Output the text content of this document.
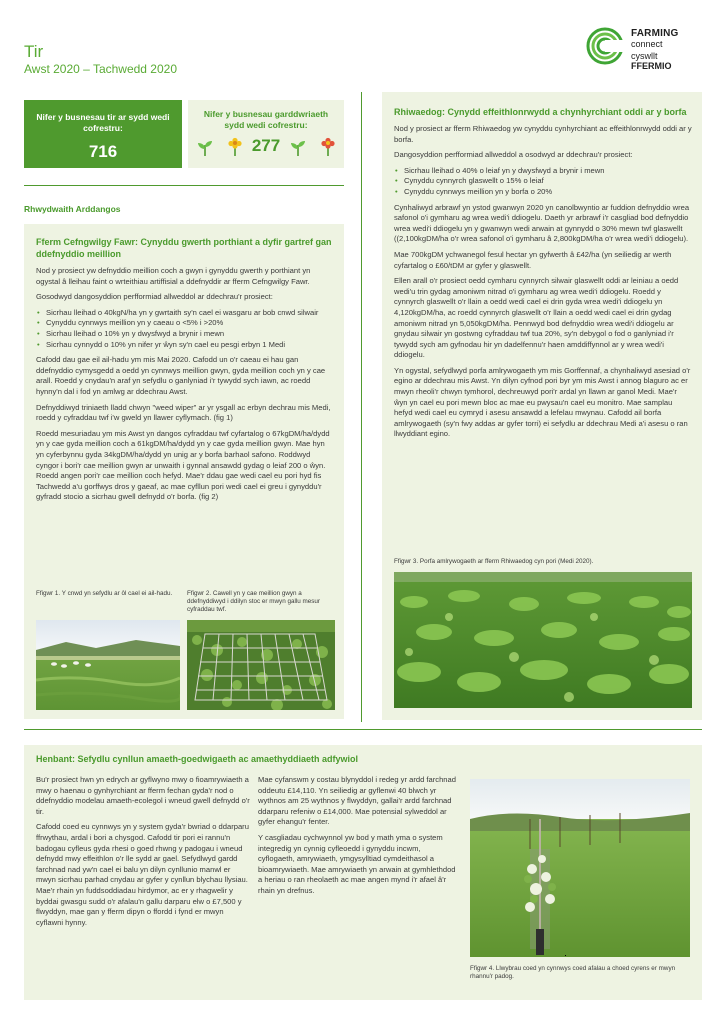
Tir
Awst 2020 – Tachwedd 2020
FARMING
connect
cyswllt
FFERMIO
Nifer y busnesau tir ar sydd wedi cofrestru:
716
Nifer y busnesau garddwriaeth sydd wedi cofrestru:
277
Rhwydwaith Arddangos
Fferm Cefngwilgy Fawr: Cynyddu gwerth porthiant a dyfir gartref gan ddefnyddio meillion

Nod y prosiect yw defnyddio meillion coch a gwyn i gynyddu gwerth y porthiant yn ogystal â lleihau faint o wrteithiau artiffisial a ddefnyddir ar fferm Cefngwilgy Fawr.

Gosodwyd dangosyddion perfformiad allweddol ar ddechrau'r prosiect:

• Sicrhau lleihad o 40kgN/ha yn y gwrtaith sy'n cael ei wasgaru ar bob cnwd silwair
• Cynyddu cynnwys meillion yn y caeau o <5% i >20%
• Sicrhau lleihad o 10% yn y dwysfwyd a brynir i mewn
• Sicrhau cynnydd o 10% yn nifer yr ŵyn sy'n cael eu pesgi erbyn 1 Medi

Cafodd dau gae eil ail-hadu ym mis Mai 2020. Cafodd un o'r caeau ei hau gan ddefnyddio cymysgedd a oedd yn cynnwys meillion gwyn, gyda meillion coch yn y cae arall. Roedd y cnydau'n araf yn sefydlu o ganlyniad i'r tywydd sych iawn, ac roedd hynny'n dal i fod yn amlwg ar ddechrau Awst.

Defnyddiwyd triniaeth lladd chwyn "weed wiper" ar yr ysgall ac erbyn dechrau mis Medi, roedd y cyfraddau twf i'w gweld yn llawer cyflymach. (fig 1)

Roedd mesuriadau ym mis Awst yn dangos cyfraddau twf cyfartalog o 67kgDM/ha/dydd yn y cae gyda meillion coch a 61kgDM/ha/dydd yn y cae gyda meillion gwyn. Mae hyn yn cyferbynnu gyda 34kgDM/ha/dydd yn unig ar y borfa barhaol safono. Roddwyd cyngor i bori'r cae meillion gwyn ar unwaith i gynnal ansawdd gydag o leiaf 200 o ŵyn. Roedd angen pori'r cae meillion coch hefyd. Mae'r ddau gae wedi cael eu pori hyd fis Tachwedd a'u gorffwys dros y gaeaf, ac mae cyfllun pori wedi cael ei greu i gynyddu'r gyfradd stocio a sicrhau gwell defnydd o'r borfa. (fig 2)

Ffigwr 1. Y cnwd yn sefydlu ar ôl cael ei ail-hadu.	Ffigwr 2. Cawell yn y cae meillion gwyn a ddefnyddiwyd i ddilyn stoc er mwyn gallu mesur cyfraddau twf.
Rhiwaedog: Cynydd effeithlonrwydd a chynhyrchiant oddi ar y borfa

Nod y prosiect ar fferm Rhiwaedog yw cynyddu cynhyrchiant ac effeithlonrwydd oddi ar y borfa.

Dangosyddion perfformiad allweddol a osodwyd ar ddechrau'r prosiect:

• Sicrhau lleihad o 40% o leiaf yn y dwysfwyd a brynir i mewn
• Cynyddu cynnyrch glaswellt o 15% o leiaf
• Cynyddu cynnwys meillion yn y borfa o 20%

Cynhaliwyd arbrawf yn ystod gwanwyn 2020 yn canolbwyntio ar fuddion defnyddio wrea safonol o'i gymharu ag wrea wedi'i ddiogelu. Daeth yr arbrawf i'r casgliad bod defnyddio wrea wedi'i ddiogelu yn y gwanwyn wedi arwain at gynnydd o 30% mewn twf glaswellt ((2,100kgDM/ha o'r wrea safonol o'i gymharu â 2,800kgDM/ha o'r wrea wedi'i ddiogelu).

Mae 700kgDM ychwanegol fesul hectar yn gyfwerth â £42/ha (yn seiliedig ar werth cyfartalog o £60/tDM ar gyfer y glaswellt.

Ellen arall o'r prosiect oedd cymharu cynnyrch silwair glaswellt oddi ar leiniau a oedd wedi'u trin gydag amoniwm nitrad o'i gymharu ag wrea wedi'i ddiogelu. Roedd y cynnyrch glaswellt o'r llain a oedd wedi cael ei drin gyda wrea wedi'i ddiogelu yn 4,120kgDM/ha, ac roedd cynnyrch glaswellt o'r llain a oedd wedi cael ei drin gydag amoniwm nitrad yn 5,050kgDM/ha. Pennwyd bod defnyddio wrea wedi'i ddiogelu ar gnydau silwair yn gostwng cyfraddau twf tua 20%, sy'n debygol o fod o ganlyniad i'r tywydd sych am gyfnodau hir yn dadelfennu'r haen amddiffynnol ar y wrea wedi'i ddiogelu.

Yn ogystal, sefydlwyd porfa amlrywogaeth ym mis Gorffennaf, a chynhaliwyd asesiad o'r egino ar ddechrau mis Awst. Yn dilyn cyfnod pori byr ym mis Awst i annog blaguro ac er mwyn rheoli'r chwyn tymhorol, dechreuwyd pori'r ardal yn llawn ar ganol Medi. Mae'r ŵyn yn cael eu pori mewn bloc ac mae eu pwysau'n cael eu monitro. Mae samplau hefyd wedi cael eu cymryd i asesu ansawdd a lefelau mwynau. Cafodd ail borfa amlrywogaeth (sy'n fwy addas ar gyfer torri) ei sefydlu ar ddechrau Medi a'i asesu o ran llwyddiant egino.

Ffigwr 3. Porfa amlrywogaeth ar fferm Rhiwaedog cyn pori (Medi 2020).
Henbant: Sefydlu cynllun amaeth-goedwigaeth ac amaethyddiaeth adfywiol

Bu'r prosiect hwn yn edrych ar gyflwyno mwy o fioamrywiaeth a mwy o haenau o gynhyrchiant ar fferm fechan gyda'r nod o ddefnyddio modelau amaeth-ecolegol i wneud gwell defnydd o'r tir.

Cafodd coed eu cynnwys yn y system gyda'r bwriad o ddarparu ffrwythau, ardal i bori a chysgod. Cafodd tir pori ei rannu'n badogau cyfleus gyda rhesi o goed rhwng y padogau i wneud defnydd mwy effeithlon o'r lle sydd ar gael. Sefydlwyd gardd farchnad nad yw'n cael ei balu yn dilyn cynllunio manwl er mwyn sicrhau parhad cnydau ar gyfer y cynllun blychau llysiau. Mae'r rhain yn fuddsoddiadau hirdymor, ac er y rhagwelir y byddai gwasgu sudd o'r afalau'n gallu darparu elw o £7,500 y flwyddyn, mae gan y fferm dipyn o ffordd i fynd er mwyn cyflawni hynny.

Mae cyfanswm y costau blynyddol i redeg yr ardd farchnad oddeutu £14,110. Yn seiliedig ar gyflenwi 40 blwch yr wythnos am 25 wythnos y flwyddyn, gallai'r ardd farchnad ddarparu refeniw o £14,000. Mae potensial sylweddol ar gyfer ehangu'r fenter.

Y casgliadau cychwynnol yw bod y math yma o system integredig yn cynnig cyfleoedd i gynyddu incwm, cyflogaeth, amrywiaeth, ymgysylltiad cymdeithasol a bioamrywiaeth. Mae amrywiaeth yn arwain at gymhlethdod a heriau o ran rheolaeth ac mae angen mynd i'r afael â'r rhain yn drefnus.

Ffigwr 4. Llwybrau coed yn cynnwys coed afalau a choed cyrens er mwyn rhannu'r padog.
